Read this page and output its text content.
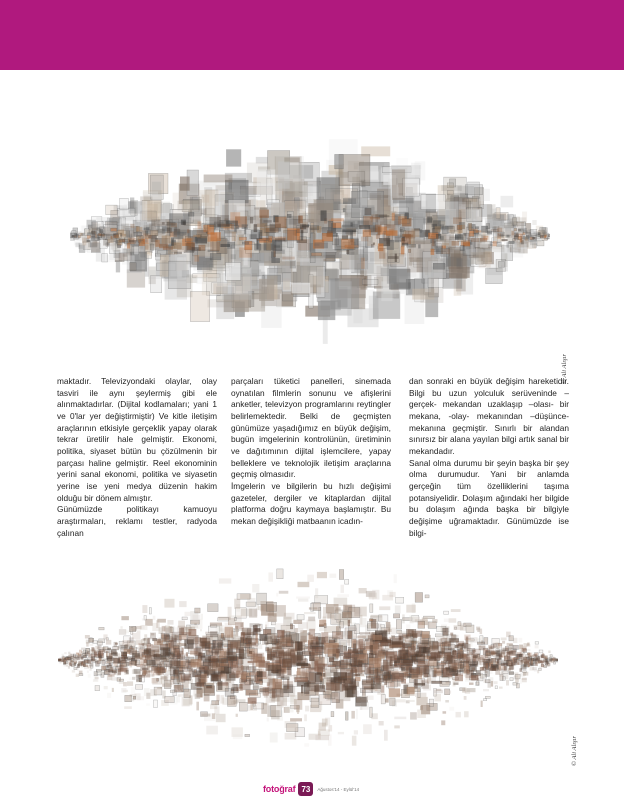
© Ali Alışır

maktadır. Televizyondaki olaylar, olay tasviri ile aynı şeylermiş gibi ele alınmaktadırlar. (Dijital kodlamaları; yani 1 ve 0'lar yer değiştirmiştir) Ve kitle iletişim araçlarının etkisiyle gerçeklik yapay olarak tekrar üretilir hale gelmiştir. Ekonomi, politika, siyaset bütün bu çözülmenin bir parçası haline gelmiştir. Reel ekonominin yerini sanal ekonomi, politika ve siyasetin yerine ise yeni medya düzenin hakim olduğu bir dönem almıştır.

Günümüzde politikayı kamuoyu araştırmaları, reklamı testler, radyoda çalınan

parçaları tüketici panelleri, sinemada oynatılan filmlerin sonunu ve afişlerini anketler, televizyon programlarını reytingler belirlemektedir. Belki de geçmişten günümüze yaşadığımız en büyük değişim, bugün imgelerinin kontrolünün, üretiminin ve dağıtımının dijital işlemcilere, yapay belleklere ve teknolojik iletişim araçlarına geçmiş olmasıdır.

İmgelerin ve bilgilerin bu hızlı değişimi gazeteler, dergiler ve kitaplardan dijital platforma doğru kaymaya başlamıştır. Bu mekan değişikliği matbaanın icadın-

dan sonraki en büyük değişim hareketidir. Bilgi bu uzun yolculuk serüveninde –gerçek- mekandan uzaklaşıp –olası- bir mekana, -olay- mekanından –düşünce- mekanına geçmiştir. Sınırlı bir alandan sınırsız bir alana yayılan bilgi artık sanal bir mekandadır.

Sanal olma durumu bir şeyin başka bir şey olma durumudur. Yani bir anlamda gerçeğin tüm özelliklerini taşıma potansiyelidir. Dolaşım ağındaki her bilgide bu dolaşım ağında başka bir bilgiyle değişime uğramaktadır. Günümüzde ise bilgi-

© Ali Alışır
fotoğraf 73	Ağustos'14 - Eylül'14
